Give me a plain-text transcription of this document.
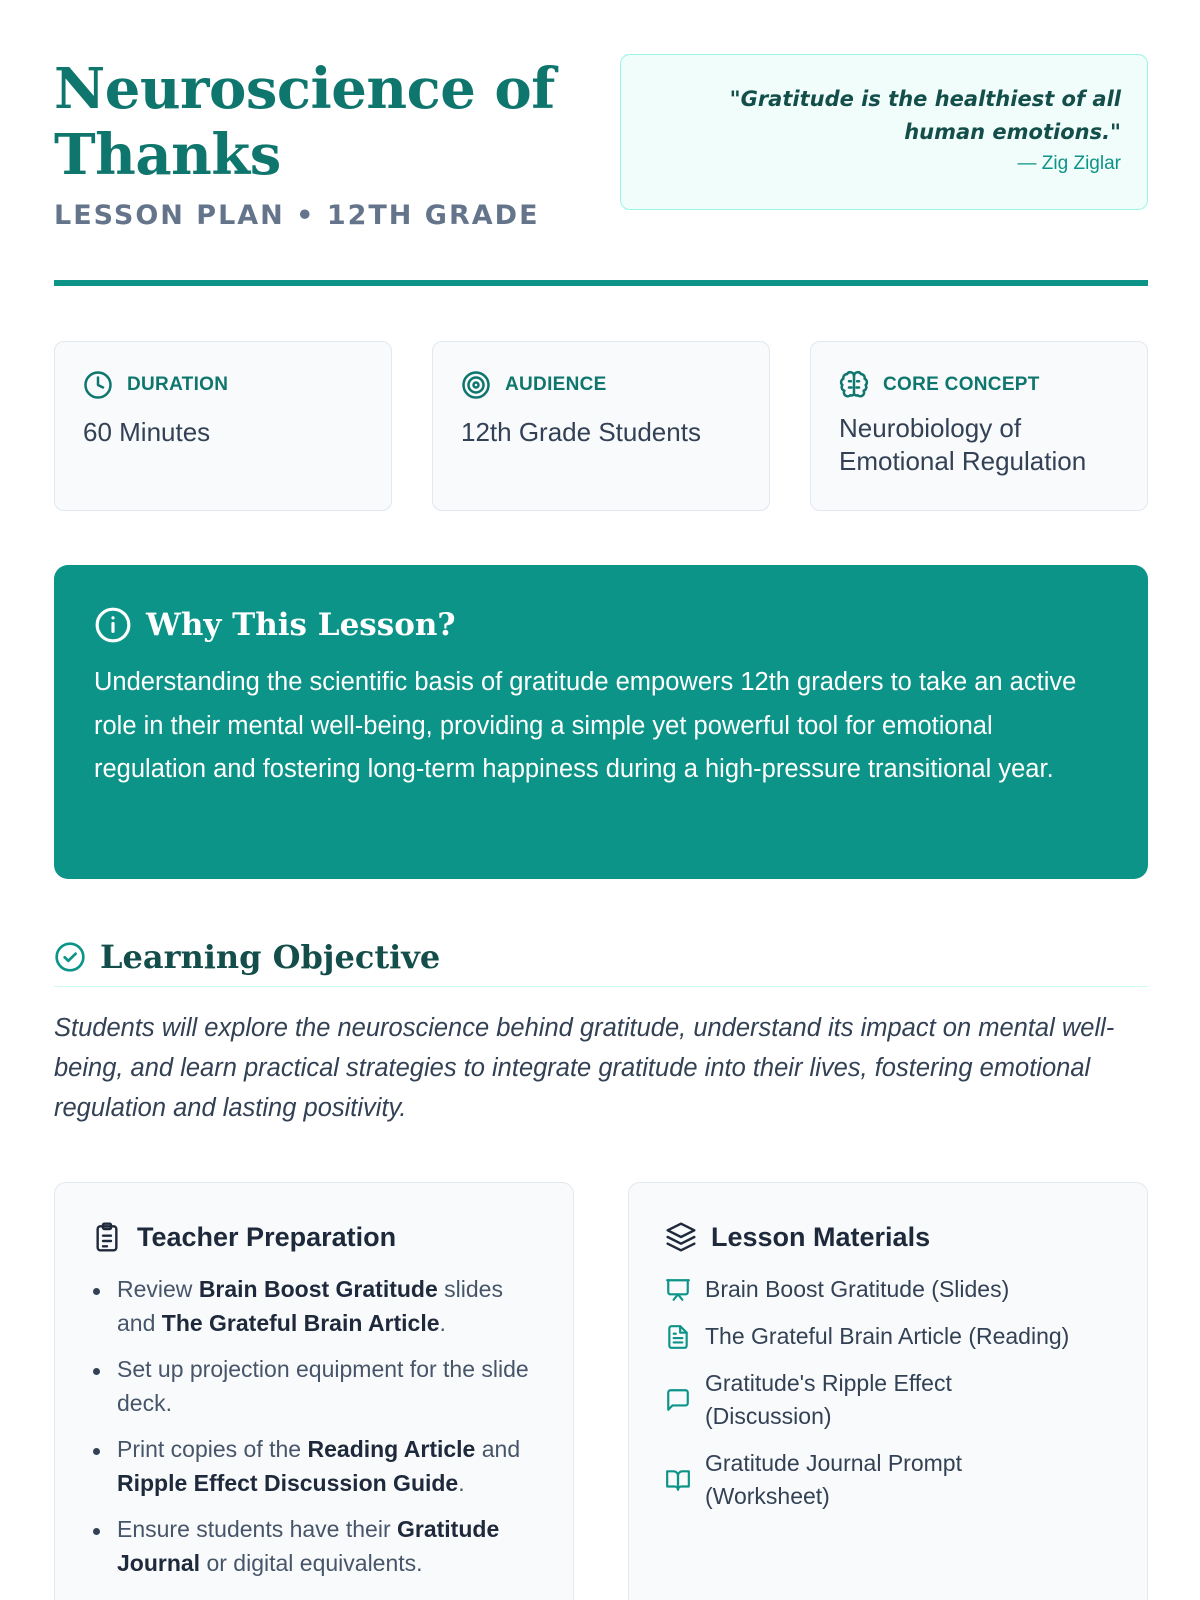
Neuroscience of Thanks
LESSON PLAN • 12TH GRADE
"Gratitude is the healthiest of all human emotions."
— Zig Ziglar
DURATION
60 Minutes
AUDIENCE
12th Grade Students
CORE CONCEPT
Neurobiology of Emotional Regulation
Why This Lesson?

Understanding the scientific basis of gratitude empowers 12th graders to take an active role in their mental well-being, providing a simple yet powerful tool for emotional regulation and fostering long-term happiness during a high-pressure transitional year.

Learning Objective

Students will explore the neuroscience behind gratitude, understand its impact on mental well-being, and learn practical strategies to integrate gratitude into their lives, fostering emotional regulation and lasting positivity.

Teacher Preparation
Review Brain Boost Gratitude slides and The Grateful Brain Article.
Set up projection equipment for the slide deck.
Print copies of the Reading Article and Ripple Effect Discussion Guide.
Ensure students have their Gratitude Journal or digital equivalents.
Lesson Materials
Brain Boost Gratitude (Slides)
The Grateful Brain Article (Reading)
Gratitude's Ripple Effect (Discussion)
Gratitude Journal Prompt (Worksheet)
